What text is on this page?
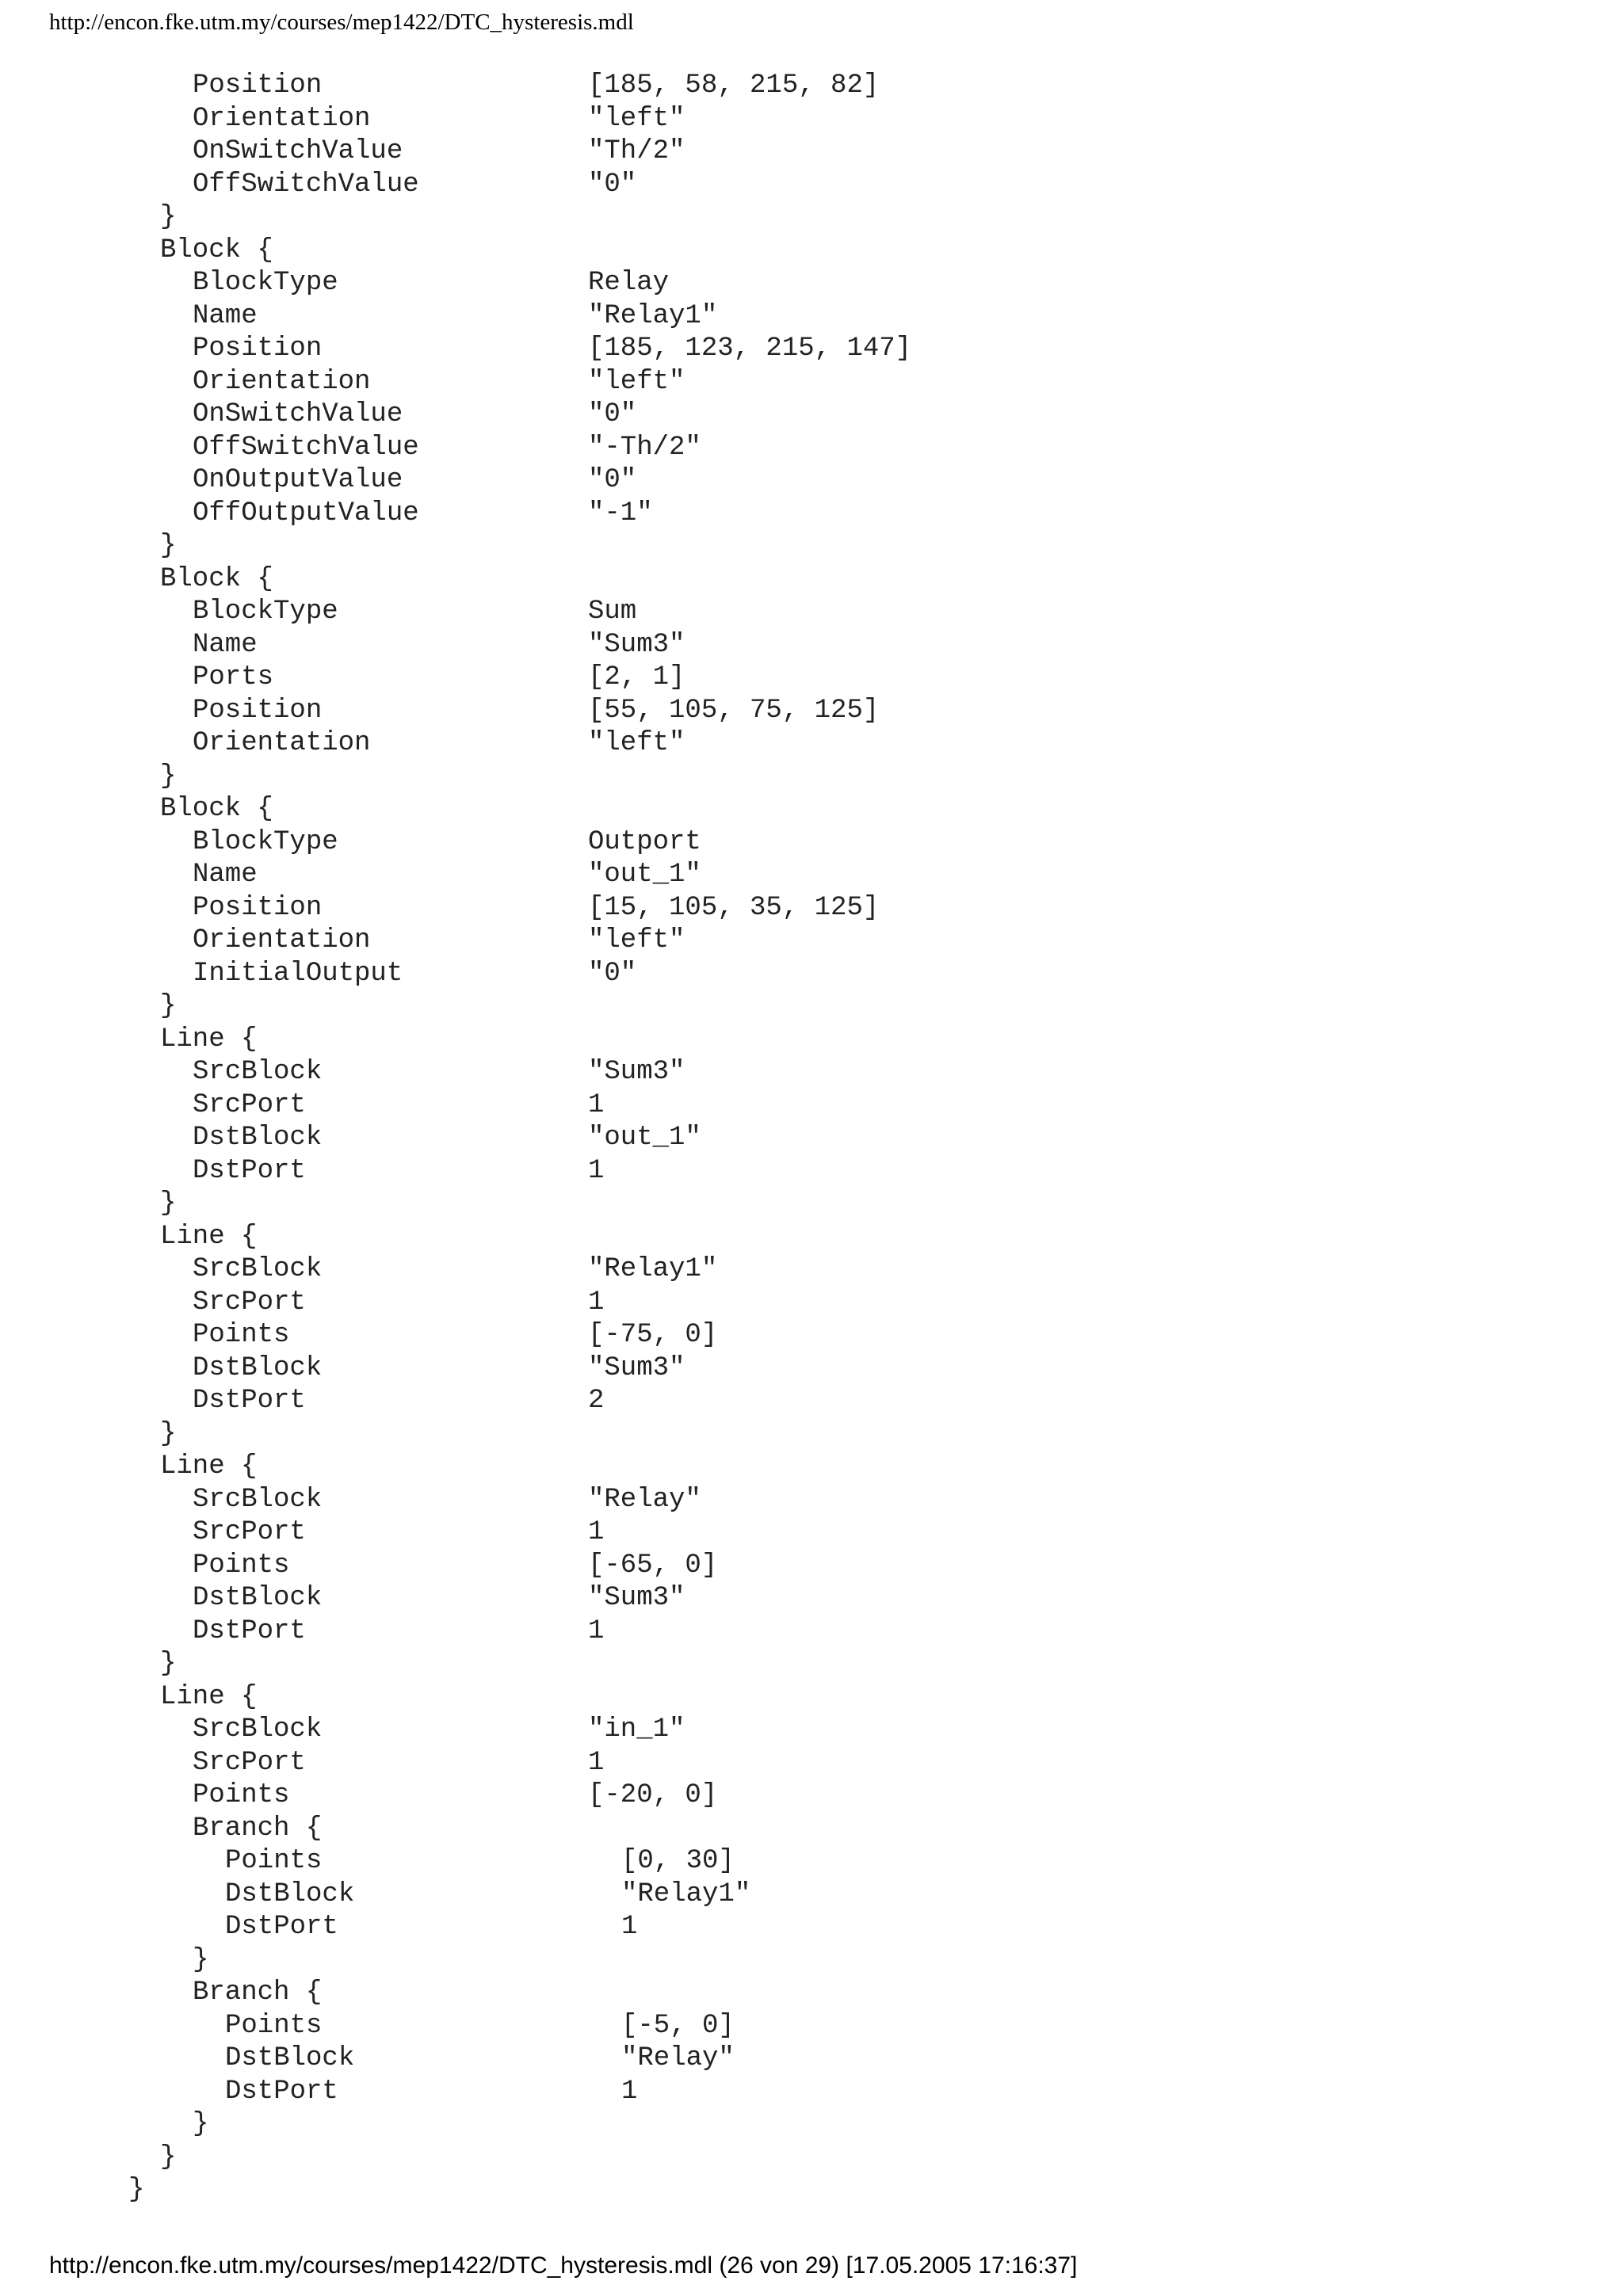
http://encon.fke.utm.my/courses/mep1422/DTC_hysteresis.mdl
Position	[185, 58, 215, 82]
Orientation	"left"
OnSwitchValue	"Th/2"
OffSwitchValue	"0"
}
Block {
BlockType	Relay
Name	"Relay1"
Position	[185, 123, 215, 147]
Orientation	"left"
OnSwitchValue	"0"
OffSwitchValue	"-Th/2"
OnOutputValue	"0"
OffOutputValue	"-1"
}
Block {
BlockType	Sum
Name	"Sum3"
Ports	[2, 1]
Position	[55, 105, 75, 125]
Orientation	"left"
}
Block {
BlockType	Outport
Name	"out_1"
Position	[15, 105, 35, 125]
Orientation	"left"
InitialOutput	"0"
}
Line {
SrcBlock	"Sum3"
SrcPort	1
DstBlock	"out_1"
DstPort	1
}
Line {
SrcBlock	"Relay1"
SrcPort	1
Points	[-75, 0]
DstBlock	"Sum3"
DstPort	2
}
Line {
SrcBlock	"Relay"
SrcPort	1
Points	[-65, 0]
DstBlock	"Sum3"
DstPort	1
}
Line {
SrcBlock	"in_1"
SrcPort	1
Points	[-20, 0]
Branch {
Points	[0, 30]
DstBlock	"Relay1"
DstPort	1
}
Branch {
Points	[-5, 0]
DstBlock	"Relay"
DstPort	1
}
}
}
http://encon.fke.utm.my/courses/mep1422/DTC_hysteresis.mdl (26 von 29) [17.05.2005 17:16:37]
